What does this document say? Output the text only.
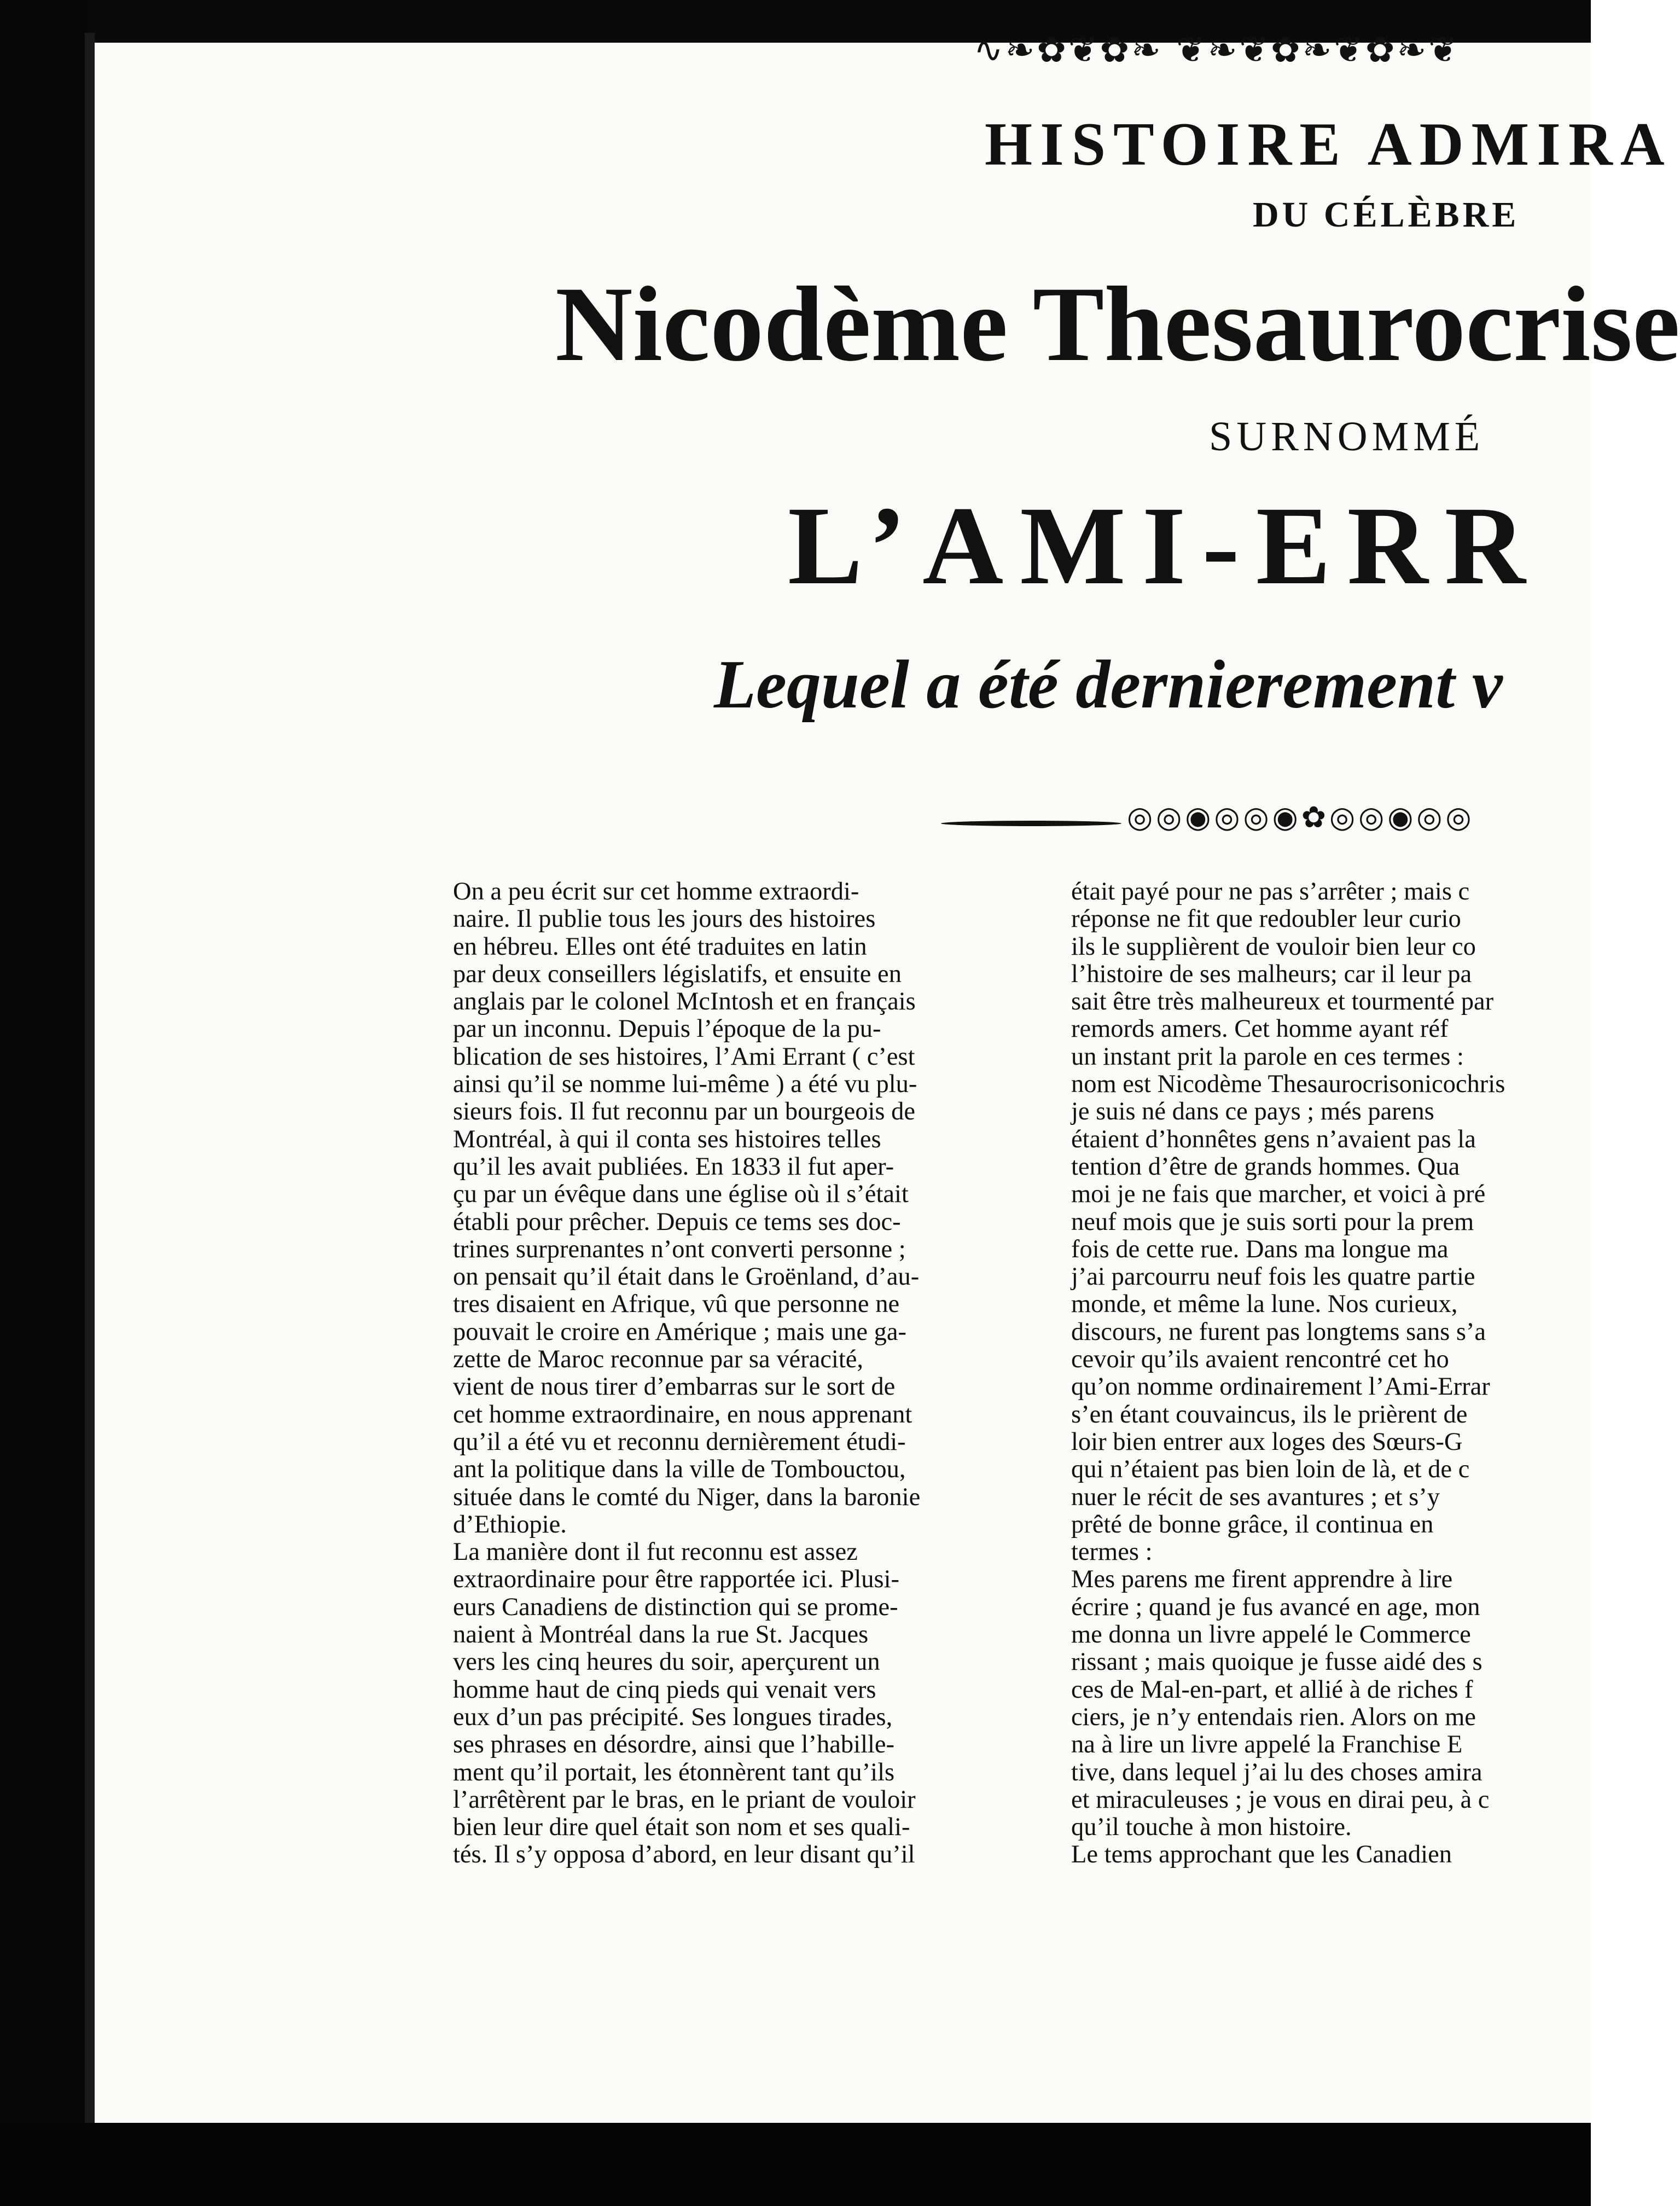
∿❧✿❦✿❧ ❦❧❦✿❧❦✿❧❦
HISTOIRE ADMIRA
DU CÉLÈBRE
Nicodème Thesaurocrisе
SURNOMMÉ
L’AMI-ERR
Lequel a été dernierement v
◎◎◉◎◎◉✿◎◎◉◎◎
On a peu écrit sur cet homme extraordi-
naire. Il publie tous les jours des histoires
en hébreu. Elles ont été traduites en latin
par deux conseillers législatifs, et ensuite en
anglais par le colonel McIntosh et en français
par un inconnu. Depuis l’époque de la pu-
blication de ses histoires, l’Ami Errant ( c’est
ainsi qu’il se nomme lui-même ) a été vu plu-
sieurs fois. Il fut reconnu par un bourgeois de
Montréal, à qui il conta ses histoires telles
qu’il les avait publiées. En 1833 il fut aper-
çu par un évêque dans une église où il s’était
établi pour prêcher. Depuis ce tems ses doc-
trines surprenantes n’ont converti personne ;
on pensait qu’il était dans le Groënland, d’au-
tres disaient en Afrique, vû que personne ne
pouvait le croire en Amérique ; mais une ga-
zette de Maroc reconnue par sa véracité,
vient de nous tirer d’embarras sur le sort de
cet homme extraordinaire, en nous apprenant
qu’il a été vu et reconnu dernièrement étudi-
ant la politique dans la ville de Tombouctou,
située dans le comté du Niger, dans la baronie
d’Ethiopie.
La manière dont il fut reconnu est assez
extraordinaire pour être rapportée ici. Plusi-
eurs Canadiens de distinction qui se prome-
naient à Montréal dans la rue St. Jacques
vers les cinq heures du soir, aperçurent un
homme haut de cinq pieds qui venait vers
eux d’un pas précipité. Ses longues tirades,
ses phrases en désordre, ainsi que l’habille-
ment qu’il portait, les étonnèrent tant qu’ils
l’arrêtèrent par le bras, en le priant de vouloir
bien leur dire quel était son nom et ses quali-
tés. Il s’y opposa d’abord, en leur disant qu’il
était payé pour ne pas s’arrêter ; mais c
réponse ne fit que redoubler leur curio
ils le supplièrent de vouloir bien leur co
l’histoire de ses malheurs; car il leur pa
sait être très malheureux et tourmenté par
remords amers. Cet homme ayant réf
un instant prit la parole en ces termes :
nom est Nicodème Thesaurocrisonicochris
je suis né dans ce pays ; més parens
étaient d’honnêtes gens n’avaient pas la
tention d’être de grands hommes. Qua
moi je ne fais que marcher, et voici à pré
neuf mois que je suis sorti pour la prem
fois de cette rue. Dans ma longue ma
j’ai parcourru neuf fois les quatre partie
monde, et même la lune. Nos curieux,
discours, ne furent pas longtems sans s’a
cevoir qu’ils avaient rencontré cet ho
qu’on nomme ordinairement l’Ami-Errar
s’en étant couvaincus, ils le prièrent de
loir bien entrer aux loges des Sœurs-G
qui n’étaient pas bien loin de là, et de c
nuer le récit de ses avantures ; et s’y
prêté de bonne grâce, il continua en
termes :
Mes parens me firent apprendre à lire
écrire ; quand je fus avancé en age, mon
me donna un livre appelé le Commerce
rissant ; mais quoique je fusse aidé des s
ces de Mal-en-part, et allié à de riches f
ciers, je n’y entendais rien. Alors on me
na à lire un livre appelé la Franchise E
tive, dans lequel j’ai lu des choses amira
et miraculeuses ; je vous en dirai peu, à c
qu’il touche à mon histoire.
Le tems approchant que les Canadien
